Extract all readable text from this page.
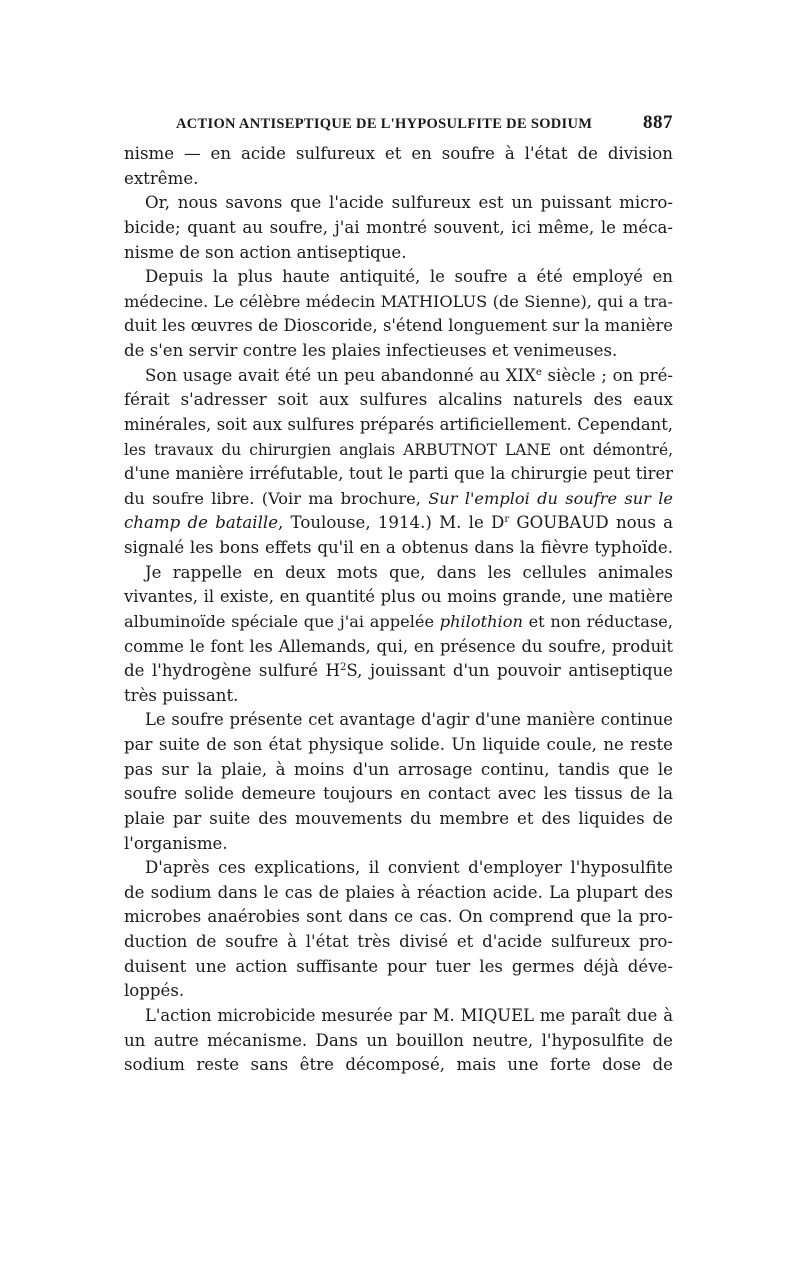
ACTION ANTISEPTIQUE DE L'HYPOSULFITE DE SODIUM	887
nisme — en acide sulfureux et en soufre à l'état de division
extrême.
Or, nous savons que l'acide sulfureux est un puissant micro-
bicide; quant au soufre, j'ai montré souvent, ici même, le méca-
nisme de son action antiseptique.
Depuis la plus haute antiquité, le soufre a été employé en
médecine. Le célèbre médecin MATHIOLUS (de Sienne), qui a tra-
duit les œuvres de Dioscoride, s'étend longuement sur la manière
de s'en servir contre les plaies infectieuses et venimeuses.
Son usage avait été un peu abandonné au XIXe siècle ; on pré-
férait s'adresser soit aux sulfures alcalins naturels des eaux
minérales, soit aux sulfures préparés artificiellement. Cependant,
les travaux du chirurgien anglais ARBUTNOT LANE ont démontré,
d'une manière irréfutable, tout le parti que la chirurgie peut tirer
du soufre libre. (Voir ma brochure, Sur l'emploi du soufre sur le
champ de bataille, Toulouse, 1914.) M. le $D^r$ GOUBAUD nous a
signalé les bons effets qu'il en a obtenus dans la fièvre typhoïde.
Je rappelle en deux mots que, dans les cellules animales
vivantes, il existe, en quantité plus ou moins grande, une matière
albuminoïde spéciale que j'ai appelée philothion et non réductase,
comme le font les Allemands, qui, en présence du soufre, produit
de l'hydrogène sulfuré $H^2S$, jouissant d'un pouvoir antiseptique
très puissant.
Le soufre présente cet avantage d'agir d'une manière continue
par suite de son état physique solide. Un liquide coule, ne reste
pas sur la plaie, à moins d'un arrosage continu, tandis que le
soufre solide demeure toujours en contact avec les tissus de la
plaie par suite des mouvements du membre et des liquides de
l'organisme.
D'après ces explications, il convient d'employer l'hyposulfite
de sodium dans le cas de plaies à réaction acide. La plupart des
microbes anaérobies sont dans ce cas. On comprend que la pro-
duction de soufre à l'état très divisé et d'acide sulfureux pro-
duisent une action suffisante pour tuer les germes déjà déve-
loppés.
L'action microbicide mesurée par M. MIQUEL me paraît due à
un autre mécanisme. Dans un bouillon neutre, l'hyposulfite de
sodium reste sans être décomposé, mais une forte dose de
